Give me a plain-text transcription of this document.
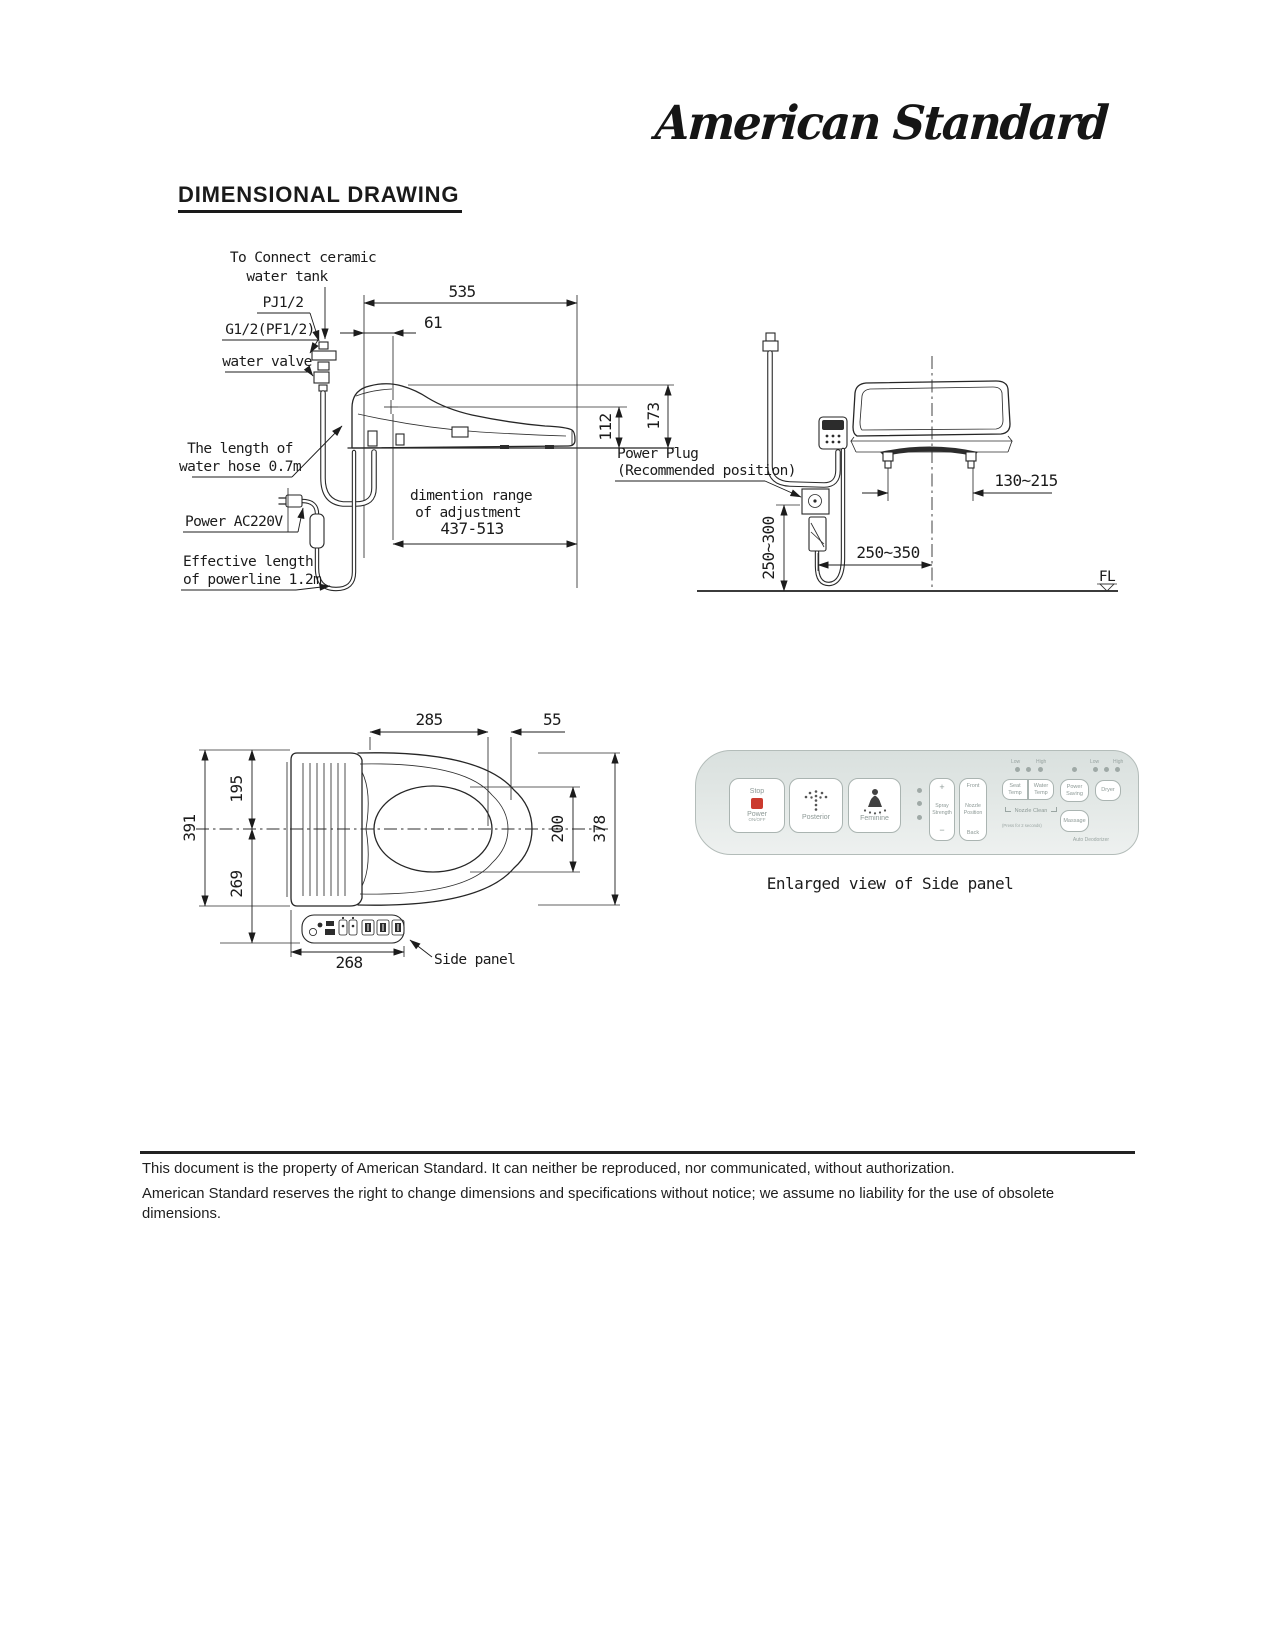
American Standard
DIMENSIONAL DRAWING
535
61
112 173
dimention range
of adjustment
437-513
To Connect ceramic
water tank
PJ1/2
G1/2(PF1/2)
water valve
The length of
water hose 0.7m
Power AC220V
Effective length
of powerline 1.2m	FL
130~215
250~350
250~300
Power Plug
(Recommended position)
285	55
391
195
269
200 378
268	Side panel
Stop
Power
ON/OFF	Posterior	Feminine
+
Spray
Strength
−
Front
Nozzle
Position
Back
Low	High
Seat Temp
Water Temp
Nozzle Clean
(Press for 2 seconds)
Power Saving
Massage
Low	High
Dryer
Auto Deodorizer
Enlarged view of Side panel
This document is the property of American Standard. It can neither be reproduced, nor communicated, without authorization.
American Standard reserves the right to change dimensions and specifications without notice; we assume no liability for the use of obsolete dimensions.
